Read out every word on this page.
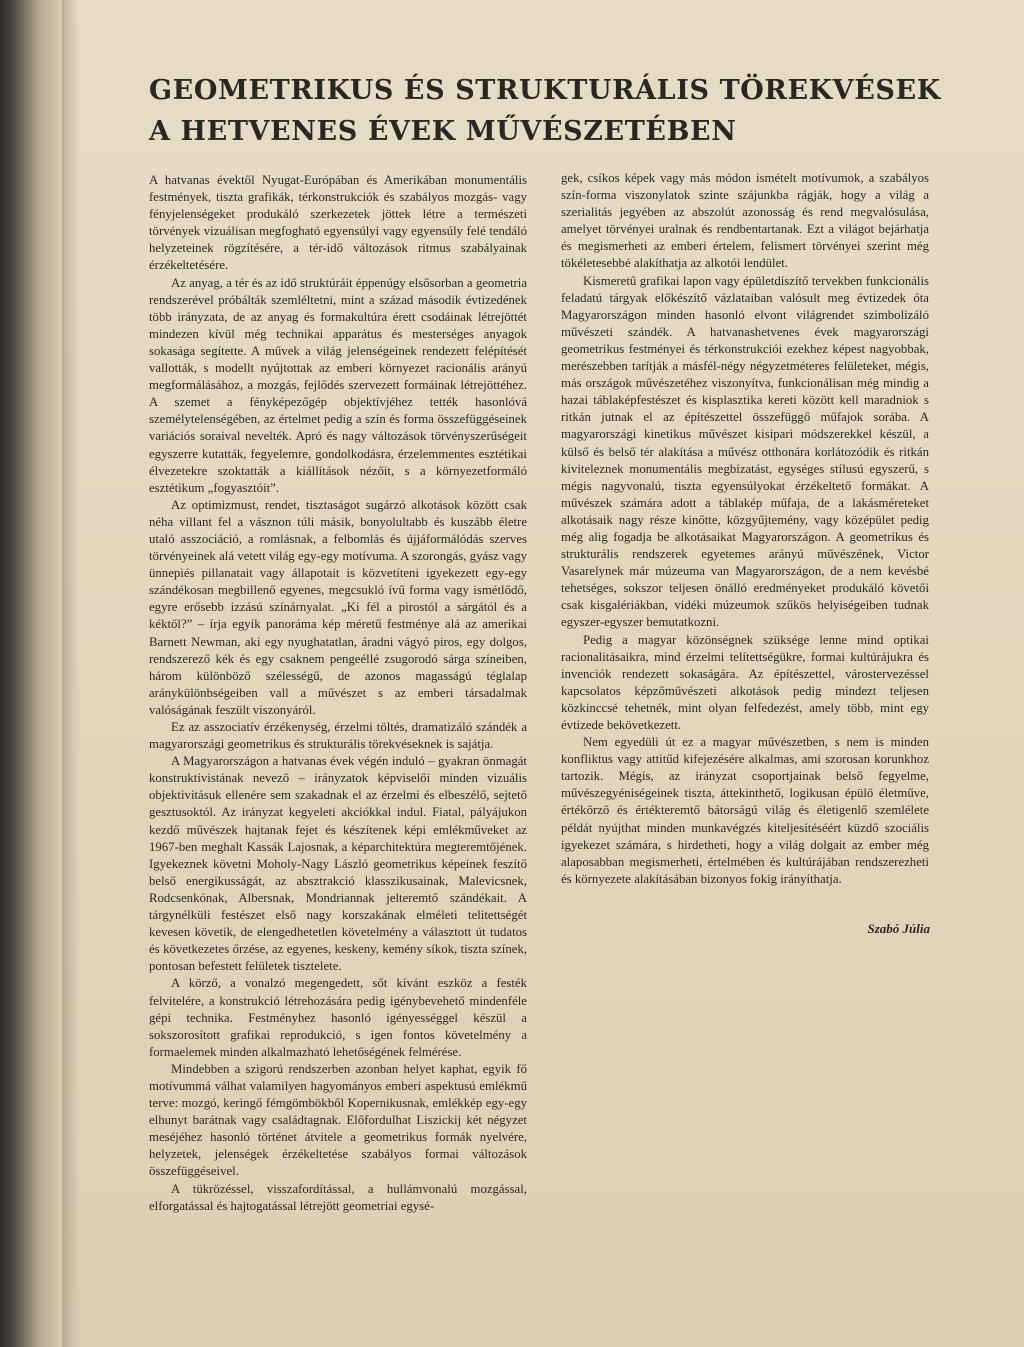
GEOMETRIKUS ÉS STRUKTURÁLIS TÖREKVÉSEK
A HETVENES ÉVEK MŰVÉSZETÉBEN

A hatvanas évektől Nyugat-Európában és Amerikában monumentális festmények, tiszta grafikák, térkonstrukciók és szabályos mozgás- vagy fényjelenségeket produkáló szerkezetek jöttek létre a természeti törvények vizuálisan megfogható egyensúlyi vagy egyensúly felé tendáló helyzeteinek rögzítésére, a tér-idő változások ritmus szabályainak érzékeltetésére.

Az anyag, a tér és az idő struktúráit éppenúgy elsősorban a geometria rendszerével próbálták szemléltetni, mint a század második évtizedének több irányzata, de az anyag és formakultúra érett csodáinak létrejöttét mindezen kívül még technikai apparátus és mesterséges anyagok sokasága segítette. A művek a világ jelenségeinek rendezett felépítését vallották, s modellt nyújtottak az emberi környezet racionális arányú megformálásához, a mozgás, fejlődés szervezett formáinak létrejöttéhez. A szemet a fényképezőgép objektívjéhez tették hasonlóvá személytelenségében, az értelmet pedig a szín és forma összefüggéseinek variációs soraival nevelték. Apró és nagy változások törvényszerűségeit egyszerre kutatták, fegyelemre, gondolkodásra, érzelemmentes esztétikai élvezetekre szoktatták a kiállítások nézőit, s a környezetformáló esztétikum „fogyasztóit”.

Az optimizmust, rendet, tisztaságot sugárzó alkotások között csak néha villant fel a vásznon túli másik, bonyolultabb és kuszább életre utaló asszociáció, a romlásnak, a felbomlás és újjáformálódás szerves törvényeinek alá vetett világ egy-egy motívuma. A szorongás, gyász vagy ünnepiés pillanatait vagy állapotait is közvetíteni igyekezett egy-egy szándékosan megbillenő egyenes, megcsukló ívű forma vagy ismétlődő, egyre erősebb izzású színárnyalat. „Ki fél a pirostól a sárgától és a kéktől?” – írja egyik panoráma kép méretű festménye alá az amerikai Barnett Newman, aki egy nyughatatlan, áradni vágyó piros, egy dolgos, rendszerező kék és egy csaknem pengeéllé zsugorodó sárga színeiben, három különböző szélességű, de azonos magasságú téglalap aránykülönbségeiben vall a művészet s az emberi társadalmak valóságának feszült viszonyáról.

Ez az asszociatív érzékenység, érzelmi töltés, dramatizáló szándék a magyarországi geometrikus és strukturális törekvéseknek is sajátja.

A Magyarországon a hatvanas évek végén induló – gyakran önmagát konstruktivistának nevező – irányzatok képviselői minden vizuális objektivitásuk ellenére sem szakadnak el az érzelmi és elbeszélő, sejtető gesztusoktól. Az irányzat kegyeleti akciókkal indul. Fiatal, pályájukon kezdő művészek hajtanak fejet és készítenek képi emlékműveket az 1967-ben meghalt Kassák Lajosnak, a képarchitektúra megteremtőjének. Igyekeznek követni Moholy-Nagy László geometrikus képeinek feszítő belső energikusságát, az absztrakció klasszikusainak, Malevicsnek, Rodcsenkónak, Albersnak, Mondriannak jelteremtő szándékait. A tárgynélküli festészet első nagy korszakának elméleti telitettségét kevesen követik, de elengedhetetlen követelmény a választott út tudatos és következetes őrzése, az egyenes, keskeny, kemény síkok, tiszta színek, pontosan befestett felületek tisztelete.

A körző, a vonalzó megengedett, sőt kívánt eszköz a festék felvitelére, a konstrukció létrehozására pedig igénybevehető mindenféle gépi technika. Festményhez hasonló igényességgel készül a sokszorosított grafikai reprodukció, s igen fontos követelmény a formaelemek minden alkalmazható lehetőségének felmérése.

Mindebben a szigorú rendszerben azonban helyet kaphat, egyik fő motívummá válhat valamilyen hagyományos emberi aspektusú emlékmű terve: mozgó, keringő fémgömbökből Kopernikusnak, emlékkép egy-egy elhunyt barátnak vagy családtagnak. Előfordulhat Liszickij két négyzet meséjéhez hasonló történet átvitele a geometrikus formák nyelvére, helyzetek, jelenségek érzékeltetése szabályos formai változások összefüggéseivel.

A tükrözéssel, visszafordítással, a hullámvonalú mozgással, elforgatással és hajtogatással létrejött geometriai egysé-

gek, csíkos képek vagy más módon ismételt motívumok, a szabályos szín-forma viszonylatok szinte szájunkba rágják, hogy a világ a szerialitás jegyében az abszolút azonosság és rend megvalósulása, amelyet törvényei uralnak és rendbentartanak. Ezt a világot bejárhatja és megismerheti az emberi értelem, felismert törvényei szerint még tökéletesebbé alakíthatja az alkotói lendület.

Kismeretű grafikai lapon vagy épületdíszítő tervekben funkcionális feladatú tárgyak előkészítő vázlataiban valósult meg évtizedek óta Magyarországon minden hasonló elvont világrendet szimbolizáló művészeti szándék. A hatvanashetvenes évek magyarországi geometrikus festményei és térkonstrukciói ezekhez képest nagyobbak, merészebben tarítják a másfél-négy négyzetméteres felületeket, mégis, más országok művészetéhez viszonyítva, funkcionálisan még mindig a hazai táblaképfestészet és kisplasztika kereti között kell maradniok s ritkán jutnak el az építészettel összefüggő műfajok sorába. A magyarországi kinetikus művészet kisipari módszerekkel készül, a külső és belső tér alakítása a művész otthonára korlátozódik és ritkán kiviteleznek monumentális megbízatást, egységes stílusú egyszerű, s mégis nagyvonalú, tiszta egyensúlyokat érzékeltető formákat. A művészek számára adott a táblakép műfaja, de a lakásméreteket alkotásaik nagy része kinőtte, közgyűjtemény, vagy középület pedig még alig fogadja be alkotásaikat Magyarországon. A geometrikus és strukturális rendszerek egyetemes arányú művészének, Victor Vasarelynek már múzeuma van Magyarországon, de a nem kevésbé tehetséges, sokszor teljesen önálló eredményeket produkáló követői csak kisgalériákban, vidéki múzeumok szűkös helyiségeiben tudnak egyszer-egyszer bemutatkozni.

Pedig a magyar közönségnek szüksége lenne mind optikai racionalitásaikra, mind érzelmi telítettségükre, formai kultúrájukra és invenciók rendezett sokaságára. Az építészettel, várostervezéssel kapcsolatos képzőművészeti alkotások pedig mindezt teljesen közkinccsé tehetnék, mint olyan felfedezést, amely több, mint egy évtizede bekövetkezett.

Nem egyedüli út ez a magyar művészetben, s nem is minden konfliktus vagy attitűd kifejezésére alkalmas, ami szorosan korunkhoz tartozik. Mégis, az irányzat csoportjainak belső fegyelme, művészegyéniségeinek tiszta, áttekinthető, logikusan épülő életműve, értékőrző és értékteremtő bátorságú világ és életigenlő szemlélete példát nyújthat minden munkavégzés kiteljesítéséért küzdő szociális igyekezet számára, s hirdetheti, hogy a világ dolgait az ember még alaposabban megismerheti, értelmében és kultúrájában rendszerezheti és környezete alakításában bizonyos fokig irányíthatja.

Szabó Júlia
